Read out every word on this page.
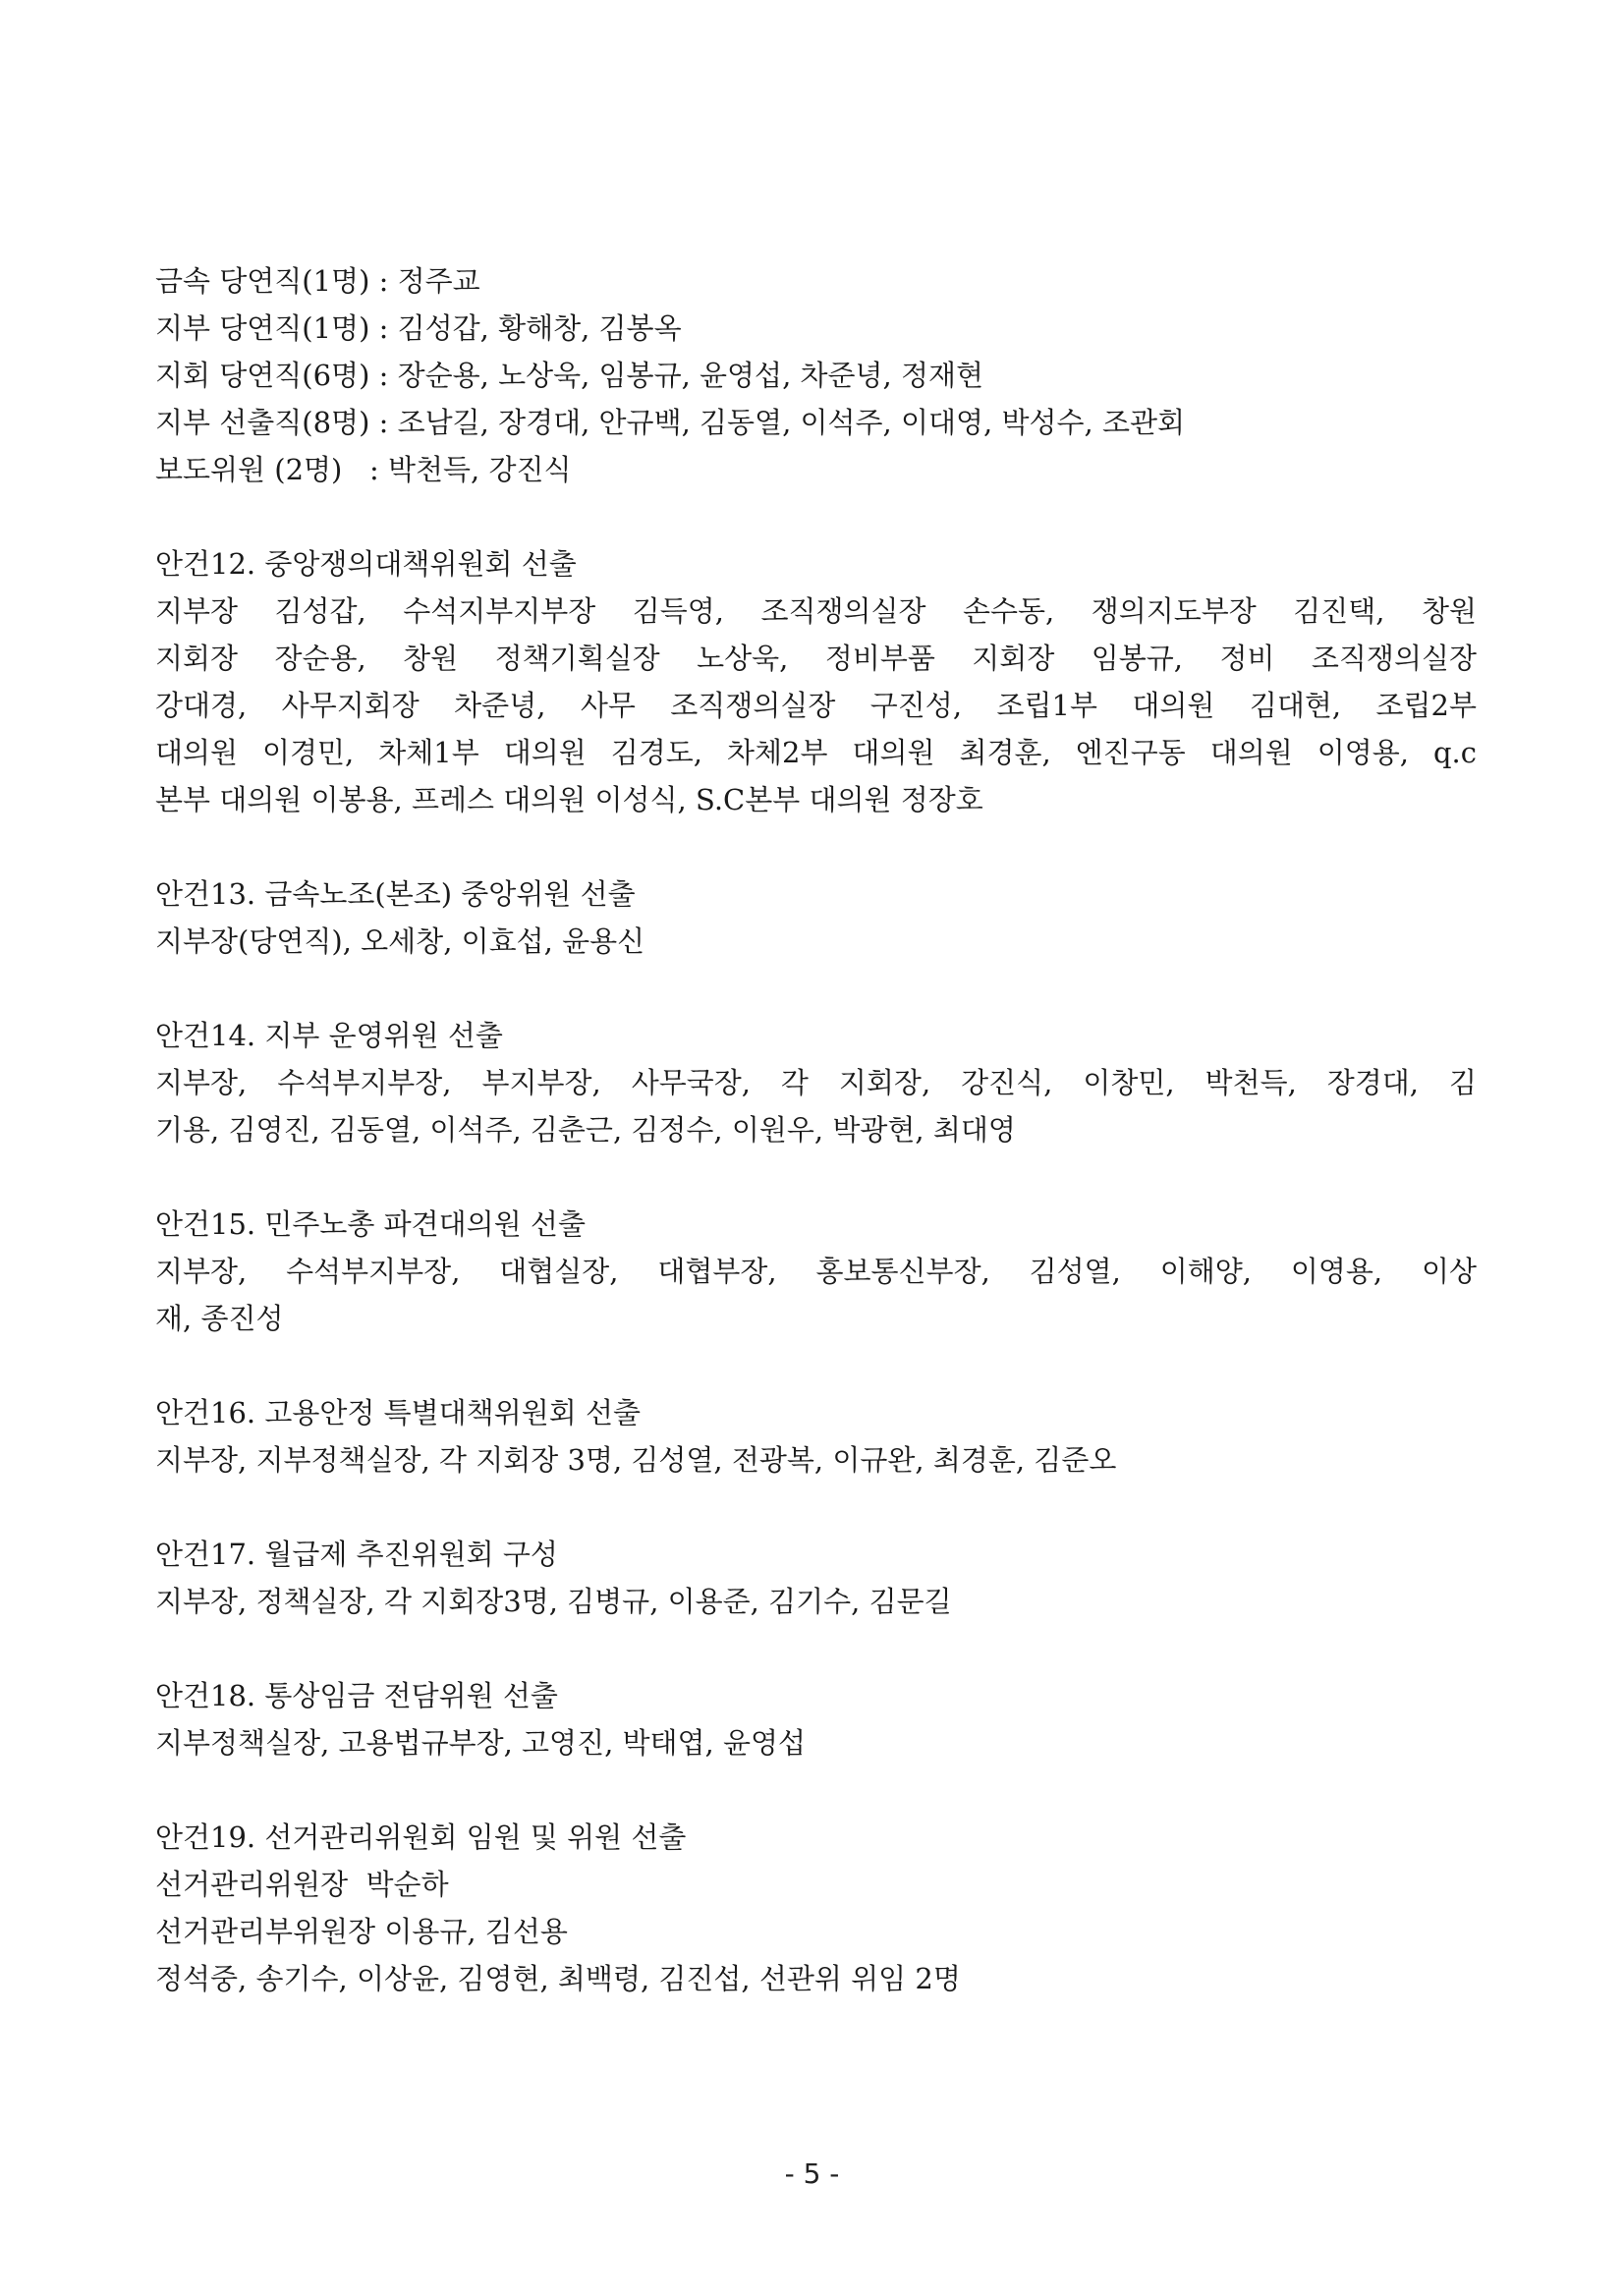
금속 당연직(1명) : 정주교

지부 당연직(1명) : 김성갑, 황해창, 김봉옥

지회 당연직(6명) : 장순용, 노상욱, 임봉규, 윤영섭, 차준녕, 정재현

지부 선출직(8명) : 조남길, 장경대, 안규백, 김동열, 이석주, 이대영, 박성수, 조관회

보도위원 (2명)   : 박천득, 강진식

안건12. 중앙쟁의대책위원회 선출

지부장 김성갑, 수석지부지부장 김득영, 조직쟁의실장 손수동, 쟁의지도부장 김진택, 창원

지회장 장순용, 창원 정책기획실장 노상욱, 정비부품 지회장 임봉규, 정비 조직쟁의실장

강대경, 사무지회장 차준녕, 사무 조직쟁의실장 구진성, 조립1부 대의원 김대현, 조립2부

대의원 이경민, 차체1부 대의원 김경도, 차체2부 대의원 최경훈, 엔진구동 대의원 이영용, q.c

본부 대의원 이봉용, 프레스 대의원 이성식, S.C본부 대의원 정장호

안건13. 금속노조(본조) 중앙위원 선출

지부장(당연직), 오세창, 이효섭, 윤용신

안건14. 지부 운영위원 선출

지부장, 수석부지부장, 부지부장, 사무국장, 각 지회장, 강진식, 이창민, 박천득, 장경대, 김

기용, 김영진, 김동열, 이석주, 김춘근, 김정수, 이원우, 박광현, 최대영

안건15. 민주노총 파견대의원 선출

지부장, 수석부지부장, 대협실장, 대협부장, 홍보통신부장, 김성열, 이해양, 이영용, 이상

재, 종진성

안건16. 고용안정 특별대책위원회 선출

지부장, 지부정책실장, 각 지회장 3명, 김성열, 전광복, 이규완, 최경훈, 김준오

안건17. 월급제 추진위원회 구성

지부장, 정책실장, 각 지회장3명, 김병규, 이용준, 김기수, 김문길

안건18. 통상임금 전담위원 선출

지부정책실장, 고용법규부장, 고영진, 박태엽, 윤영섭

안건19. 선거관리위원회 임원 및 위원 선출

선거관리위원장  박순하

선거관리부위원장 이용규, 김선용

정석중, 송기수, 이상윤, 김영현, 최백령, 김진섭, 선관위 위임 2명

- 5 -
